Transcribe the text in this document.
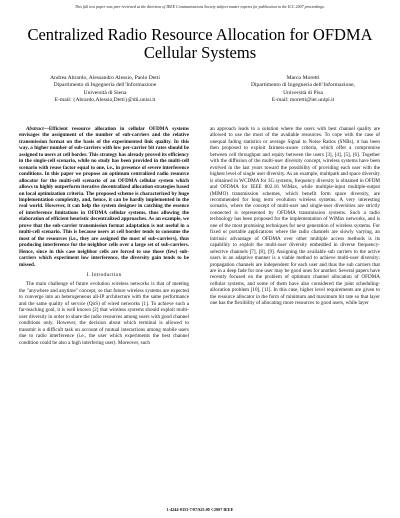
This full text paper was peer reviewed at the direction of IEEE Communications Society subject matter experts for publication in the ICC 2007 proceedings.
Centralized Radio Resource Allocation for OFDMA Cellular Systems
Andrea Abrardo, Alessandro Alessio, Paolo Detti
Dipartimento di Ingegneria dell’Informazione
Università di Siena
E-mail: {Abrardo,Alessio,Detti}@dii.unisi.it
Marco Moretti
Dipartimento di Ingegneria dell’Informazione,
Università di Pisa
E-mail: moretti@iet.unipi.it

Abstract—Efficient resource allocation in cellular OFDMA systems envisages the assignment of the number of sub-carriers and the relative transmission format on the basis of the experimented link quality. In this way, a higher number of sub-carriers with low per-carrier bit rates should be assigned to users at cell border. This strategy has already proved its efficiency in the single-cell scenario, while no study has been provided in the multi-cell scenario with reuse factor equal to one, i.e., in presence of severe interference conditions. In this paper we propose an optimum centralized radio resource allocator for the multi-cell scenario of an OFDMA cellular system which allows to highly outperform iterative decentralized allocation strategies based on local optimization criteria. The proposed scheme is characterized by huge implementation complexity, and, hence, it can be hardly implemented in the real world. However, it can help the system designer in catching the essence of interference limitations in OFDMA cellular systems, thus allowing the elaboration of efficient heuristic decentralized approaches. As an example, we prove that the sub-carrier transmission format adaptation is not useful in a multi-cell scenario. This is because users at cell border tends to consume the most of the resources (i.e., they are assigned the most of sub-carriers), thus producing interference for the neighbor cells over a large set of sub-carriers. Hence, since in this case neighbor cells are forced to use those (few) sub-carriers which experiment low interference, the diversity gain tends to be missed.

I. Introduction

The main challenge of future evolution wireless networks is that of meeting the "anywhere and anytime" concept, so that future wireless systems are expected to converge into an heterogeneous all-IP architecture with the same performance and the same quality of service (QoS) of wired networks [1]. To achieve such a far-reaching goal, it is well known [2] that wireless systems should exploit multi-user diversity in order to share the radio resources among users with good channel conditions only. However, the decision about which terminal is allowed to transmit is a difficult task on account of mutual interactions among mobile users due to radio interference (i.e., the user which experiments the best channel condition could be also a high interfering user). Moreover, such

an approach leads to a solution where the users with best channel quality are allowed to use the most of the available resources. To cope with the case of unequal fading statistics or average Signal to Noise Ratios (SNRs), it has been then proposed to exploit fairness-aware criteria, which offer a compromise between cell throughput and equity between the users [3], [4], [5], [6]. Together with the diffusion of the multi-user diversity concept, wireless systems have been evolved in the last years toward the possibility of providing each user with the highest level of single user diversity. As an example, multipath and space diversity is obtained in WCDMA for 3G systems, frequency diversity is obtained in OFDM and OFDMA for IEEE 802.16 WiMax, while multiple-input multiple-output (MIMO) transmission schemes, which benefit form space diversity, are recommended for long term evolution wireless systems. A very interesting scenario, where the concept of multi-user and single-user diversities are strictly connected is represented by OFDMA transmission systems. Such a radio technology has been proposed for the implementation of WiMax networks, and is one of the most promising techniques for next generation of wireless systems. For fixed or portable applications where the radio channels are slowly varying, an intrinsic advantage of OFDMA over other multiple access methods is its capability to exploit the multi-user diversity embedded in diverse frequency-selective channels [7], [8], [9]. Assigning the available sub carriers to the active users in an adaptive manner is a viable method to achieve multi-user diversity: propagation channels are independent for each user and thus the sub carriers that are in a deep fade for one user may be good ones for another. Several papers have recently focused on the problem of optimum channel allocation of OFDMA cellular systems, and some of them have also considered the joint scheduling-allocation problem [10], [11]. In this case, higher level requirements are given to the resource allocator in the form of minimum and maximum bit rate so that layer one has the flexibility of allocating more resources to good users, while layer

1-4244-0353-7/07/$25.00 ©2007 IEEE
